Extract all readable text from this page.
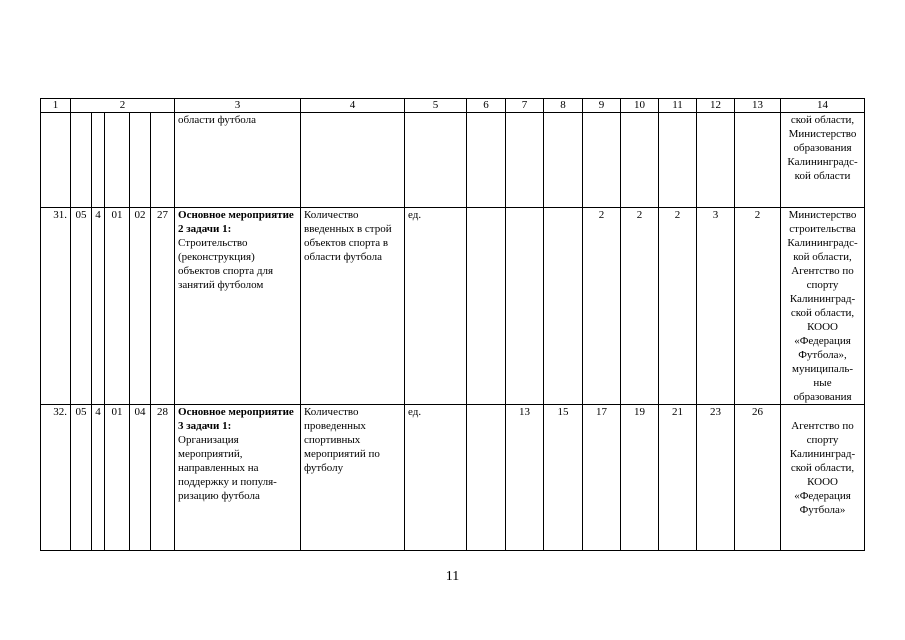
1	2					3	4	5	6	7	8	9	10	11	12	13	14
						области футбола											ской области, Министерство образования Калининградс-кой области
31.	05	4	01	02	27	Основное мероприятие 2 задачи 1:
Строительство (реконструкция) объектов спорта для занятий футболом	Количество введенных в строй объектов спорта в области футбола	ед.				2	2	2	3	2	Министерство строительства Калининградс-кой области, Агентство по спорту Калининград-ской области, КООО «Федерация Футбола», муниципаль-ные образования
32.	05	4	01	04	28	Основное мероприятие 3 задачи 1:
Организация мероприятий, направленных на поддержку и популя-ризацию футбола	Количество проведенных спортивных мероприятий по футболу	ед.		13	15	17	19	21	23	26	Агентство по спорту Калининград-ской области, КООО «Федерация Футбола»
11
